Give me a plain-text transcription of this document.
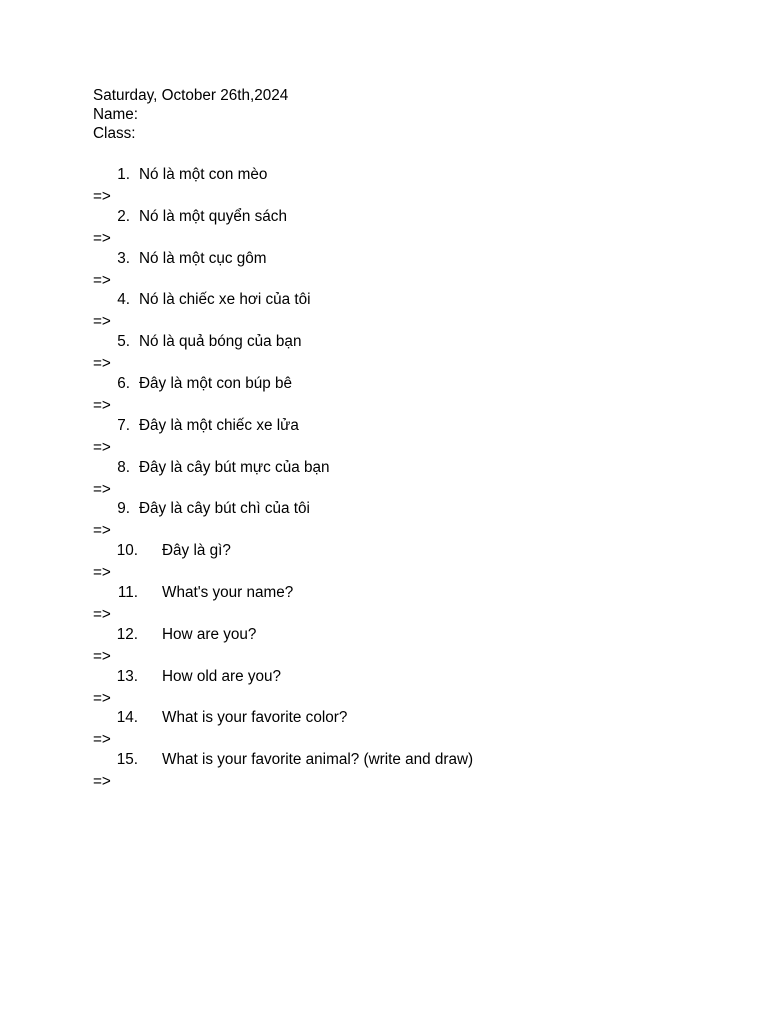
Saturday, October 26th,2024
Name:
Class:
1. Nó là một con mèo
=>
2. Nó là một quyển sách
=>
3. Nó là một cục gôm
=>
4. Nó là chiếc xe hơi của tôi
=>
5. Nó là quả bóng của bạn
=>
6. Đây là một con búp bê
=>
7. Đây là một chiếc xe lửa
=>
8. Đây là cây bút mực của bạn
=>
9. Đây là cây bút chì của tôi
=>
10. Đây là gì?
=>
11. What's your name?
=>
12. How are you?
=>
13. How old are you?
=>
14. What is your favorite color?
=>
15. What is your favorite animal? (write and draw)
=>
